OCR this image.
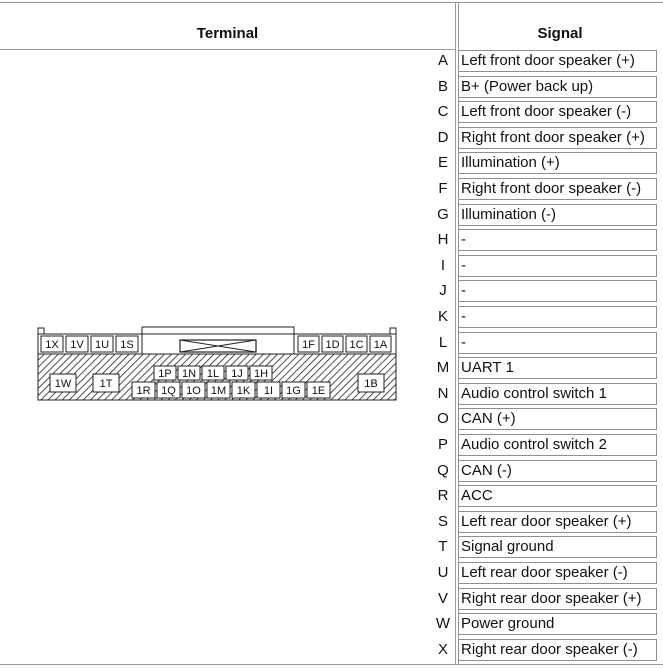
Terminal	Signal
A Left front door speaker (+)
B B+ (Power back up)
C Left front door speaker (-)
D Right front door speaker (+)
E Illumination (+)
F Right front door speaker (-)
G Illumination (-)
H -
I	-
J -
K -
L -
M UART 1
N Audio control switch 1
O CAN (+)
P Audio control switch 2
Q CAN (-)
R ACC
S Left rear door speaker (+)
T Signal ground
U Left rear door speaker (-)
V Right rear door speaker (+)
W Power ground
X Right rear door speaker (-)
1X 1V 1U 1S	1F 1D 1C 1A
1P 1N 1L 1J 1H
1R 1Q 1O 1M 1K 1I 1G 1E
1W	1T	1B
